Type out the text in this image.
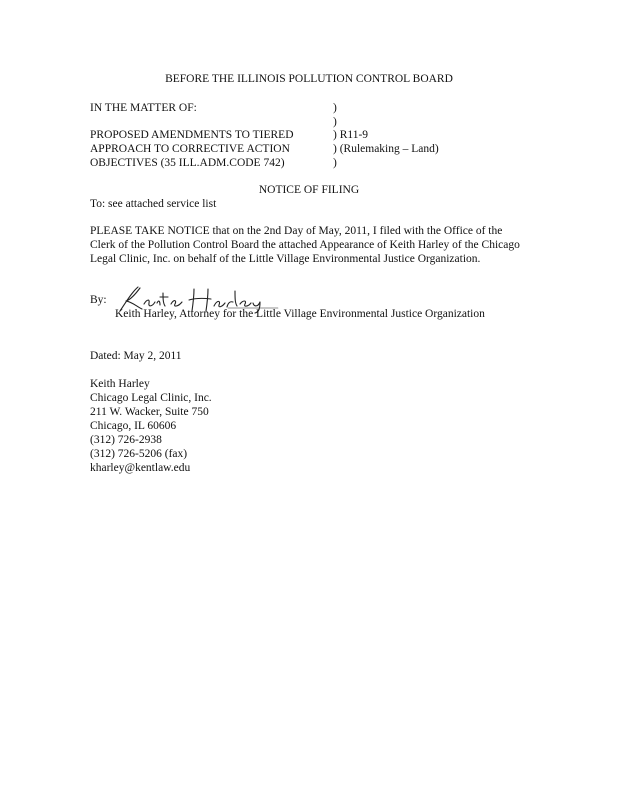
BEFORE THE ILLINOIS POLLUTION CONTROL BOARD
IN THE MATTER OF:
PROPOSED AMENDMENTS TO TIERED
APPROACH TO CORRECTIVE ACTION
OBJECTIVES (35 ILL.ADM.CODE 742)
)
)
) R11-9
) (Rulemaking – Land)
)
NOTICE OF FILING
To: see attached service list
PLEASE TAKE NOTICE that on the 2nd Day of May, 2011, I filed with the Office of the Clerk of the Pollution Control Board the attached Appearance of Keith Harley of the Chicago Legal Clinic, Inc. on behalf of the Little Village Environmental Justice Organization.
By:
Keith Harley, Attorney for the Little Village Environmental Justice Organization
Dated: May 2, 2011
Keith Harley
Chicago Legal Clinic, Inc.
211 W. Wacker, Suite 750
Chicago, IL 60606
(312) 726-2938
(312) 726-5206 (fax)
kharley@kentlaw.edu
